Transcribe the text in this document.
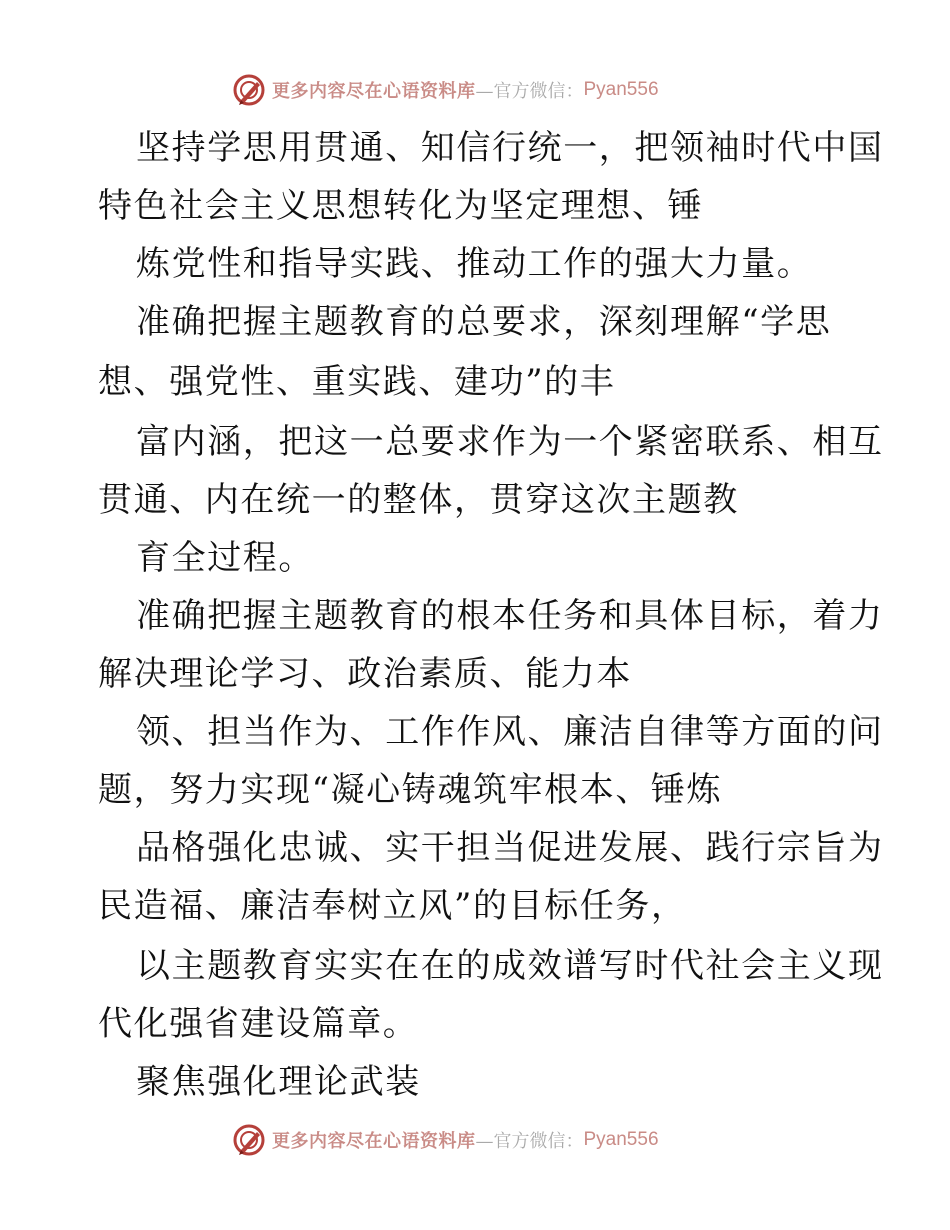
更多内容尽在心语资料库 —官方微信： Pyan556
坚持学思用贯通、知信行统一，把领袖时代中国
特色社会主义思想转化为坚定理想、锤
炼党性和指导实践、推动工作的强大力量。
准确把握主题教育的总要求，深刻理解“学思
想、强党性、重实践、建功”的丰
富内涵，把这一总要求作为一个紧密联系、相互
贯通、内在统一的整体，贯穿这次主题教
育全过程。
准确把握主题教育的根本任务和具体目标，着力
解决理论学习、政治素质、能力本
领、担当作为、工作作风、廉洁自律等方面的问
题，努力实现“凝心铸魂筑牢根本、锤炼
品格强化忠诚、实干担当促进发展、践行宗旨为
民造福、廉洁奉树立风”的目标任务，
以主题教育实实在在的成效谱写时代社会主义现
代化强省建设篇章。
聚焦强化理论武装
更多内容尽在心语资料库 —官方微信： Pyan556
